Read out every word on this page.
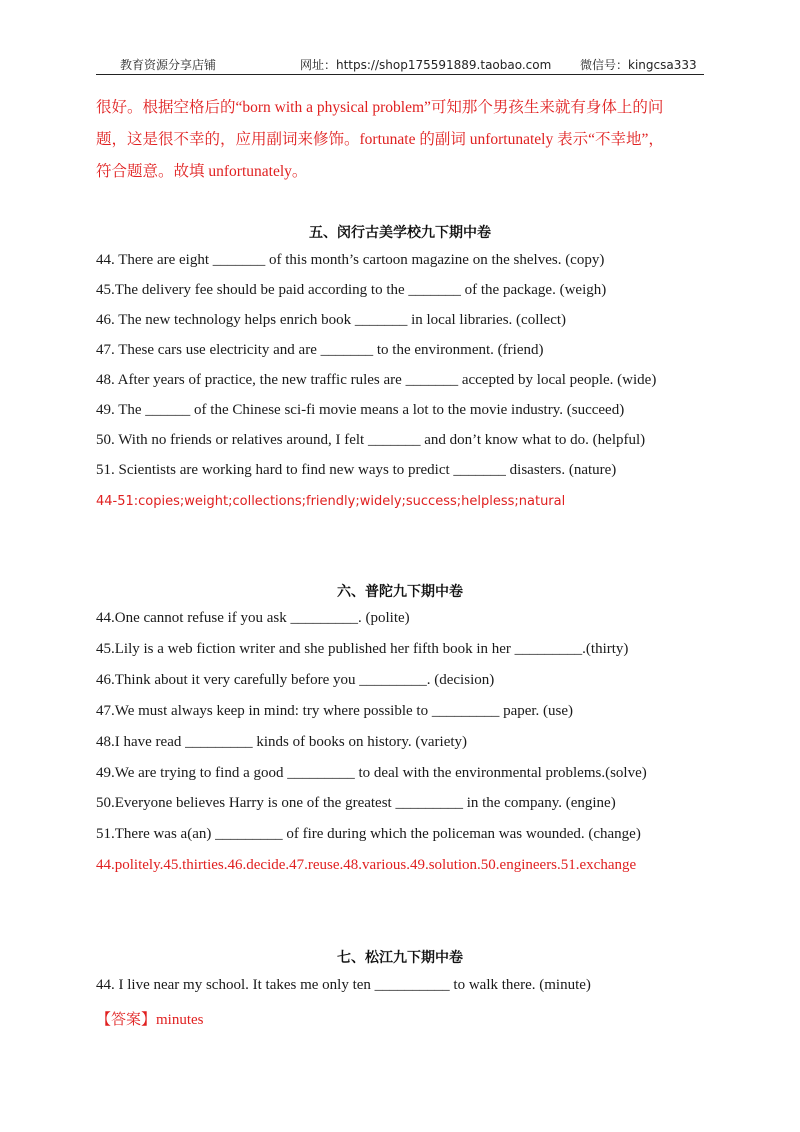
教育资源分享店铺	网址：https://shop175591889.taobao.com 微信号：kingcsa333
很好。根据空格后的“born with a physical problem”可知那个男孩生来就有身体上的问
题，这是很不幸的，应用副词来修饰。fortunate 的副词 unfortunately 表示“不幸地”，
符合题意。故填 unfortunately。
五、闵行古美学校九下期中卷
44. There are eight _______ of this month’s cartoon magazine on the shelves. (copy)
45.The delivery fee should be paid according to the _______ of the package. (weigh)
46. The new technology helps enrich book _______ in local libraries. (collect)
47. These cars use electricity and are _______ to the environment. (friend)
48. After years of practice, the new traffic rules are _______ accepted by local people. (wide)
49. The ______ of the Chinese sci-fi movie means a lot to the movie industry. (succeed)
50. With no friends or relatives around, I felt _______ and don’t know what to do. (helpful)
51. Scientists are working hard to find new ways to predict _______ disasters. (nature)
44-51:copies;weight;collections;friendly;widely;success;helpless;natural
六、普陀九下期中卷
44.One cannot refuse if you ask _________. (polite)
45.Lily is a web fiction writer and she published her fifth book in her _________.(thirty)
46.Think about it very carefully before you _________. (decision)
47.We must always keep in mind: try where possible to _________ paper. (use)
48.I have read _________ kinds of books on history. (variety)
49.We are trying to find a good _________ to deal with the environmental problems.(solve)
50.Everyone believes Harry is one of the greatest _________ in the company. (engine)
51.There was a(an) _________ of fire during which the policeman was wounded. (change)
44.politely.45.thirties.46.decide.47.reuse.48.various.49.solution.50.engineers.51.exchange
七、松江九下期中卷
44. I live near my school. It takes me only ten __________ to walk there. (minute)
【答案】minutes
